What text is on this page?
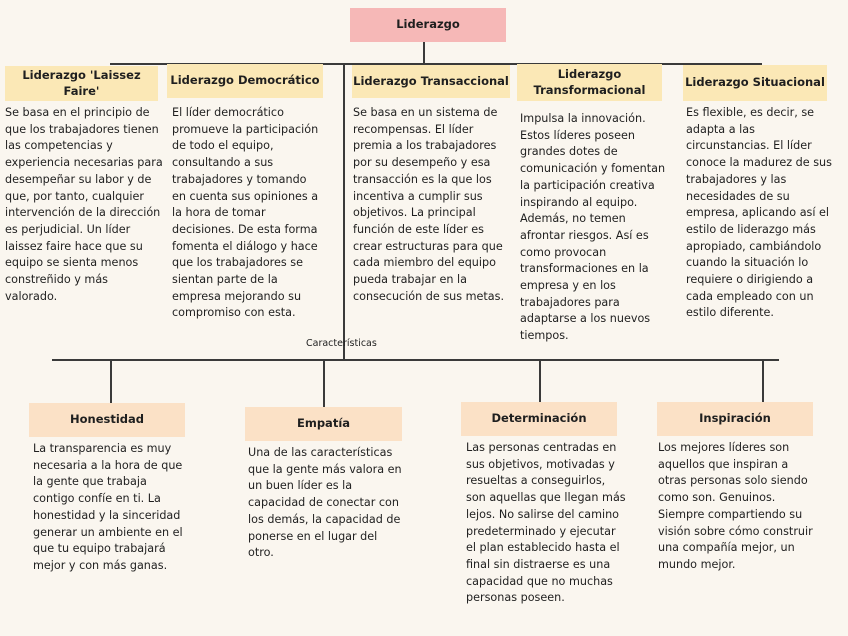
Liderazgo
Liderazgo 'Laissez Faire'
Liderazgo Democrático	Liderazgo Transaccional	Liderazgo Transformacional
Liderazgo Situacional

Se basa en el principio de que los trabajadores tienen las competencias y experiencia necesarias para desempeñar su labor y de que, por tanto, cualquier intervención de la dirección es perjudicial. Un líder laissez faire hace que su equipo se sienta menos constreñido y más valorado.

El líder democrático promueve la participación de todo el equipo, consultando a sus trabajadores y tomando en cuenta sus opiniones a la hora de tomar decisiones. De esta forma fomenta el diálogo y hace que los trabajadores se sientan parte de la empresa mejorando su compromiso con esta.

Se basa en un sistema de recompensas. El líder premia a los trabajadores por su desempeño y esa transacción es la que los incentiva a cumplir sus objetivos. La principal función de este líder es crear estructuras para que cada miembro del equipo pueda trabajar en la consecución de sus metas.

Impulsa la innovación. Estos líderes poseen grandes dotes de comunicación y fomentan la participación creativa inspirando al equipo. Además, no temen afrontar riesgos. Así es como provocan transformaciones en la empresa y en los trabajadores para adaptarse a los nuevos tiempos.

Es flexible, es decir, se adapta a las circunstancias. El líder conoce la madurez de sus trabajadores y las necesidades de su empresa, aplicando así el estilo de liderazgo más apropiado, cambiándolo cuando la situación lo requiere o dirigiendo a cada empleado con un estilo diferente.

Características
Honestidad	Empatía	Determinación	Inspiración

La transparencia es muy necesaria a la hora de que la gente que trabaja contigo confíe en ti. La honestidad y la sinceridad generar un ambiente en el que tu equipo trabajará mejor y con más ganas.

Una de las características que la gente más valora en un buen líder es la capacidad de conectar con los demás, la capacidad de ponerse en el lugar del otro.

Las personas centradas en sus objetivos, motivadas y resueltas a conseguirlos, son aquellas que llegan más lejos. No salirse del camino predeterminado y ejecutar el plan establecido hasta el final sin distraerse es una capacidad que no muchas personas poseen.

Los mejores líderes son aquellos que inspiran a otras personas solo siendo como son. Genuinos. Siempre compartiendo su visión sobre cómo construir una compañía mejor, un mundo mejor.
